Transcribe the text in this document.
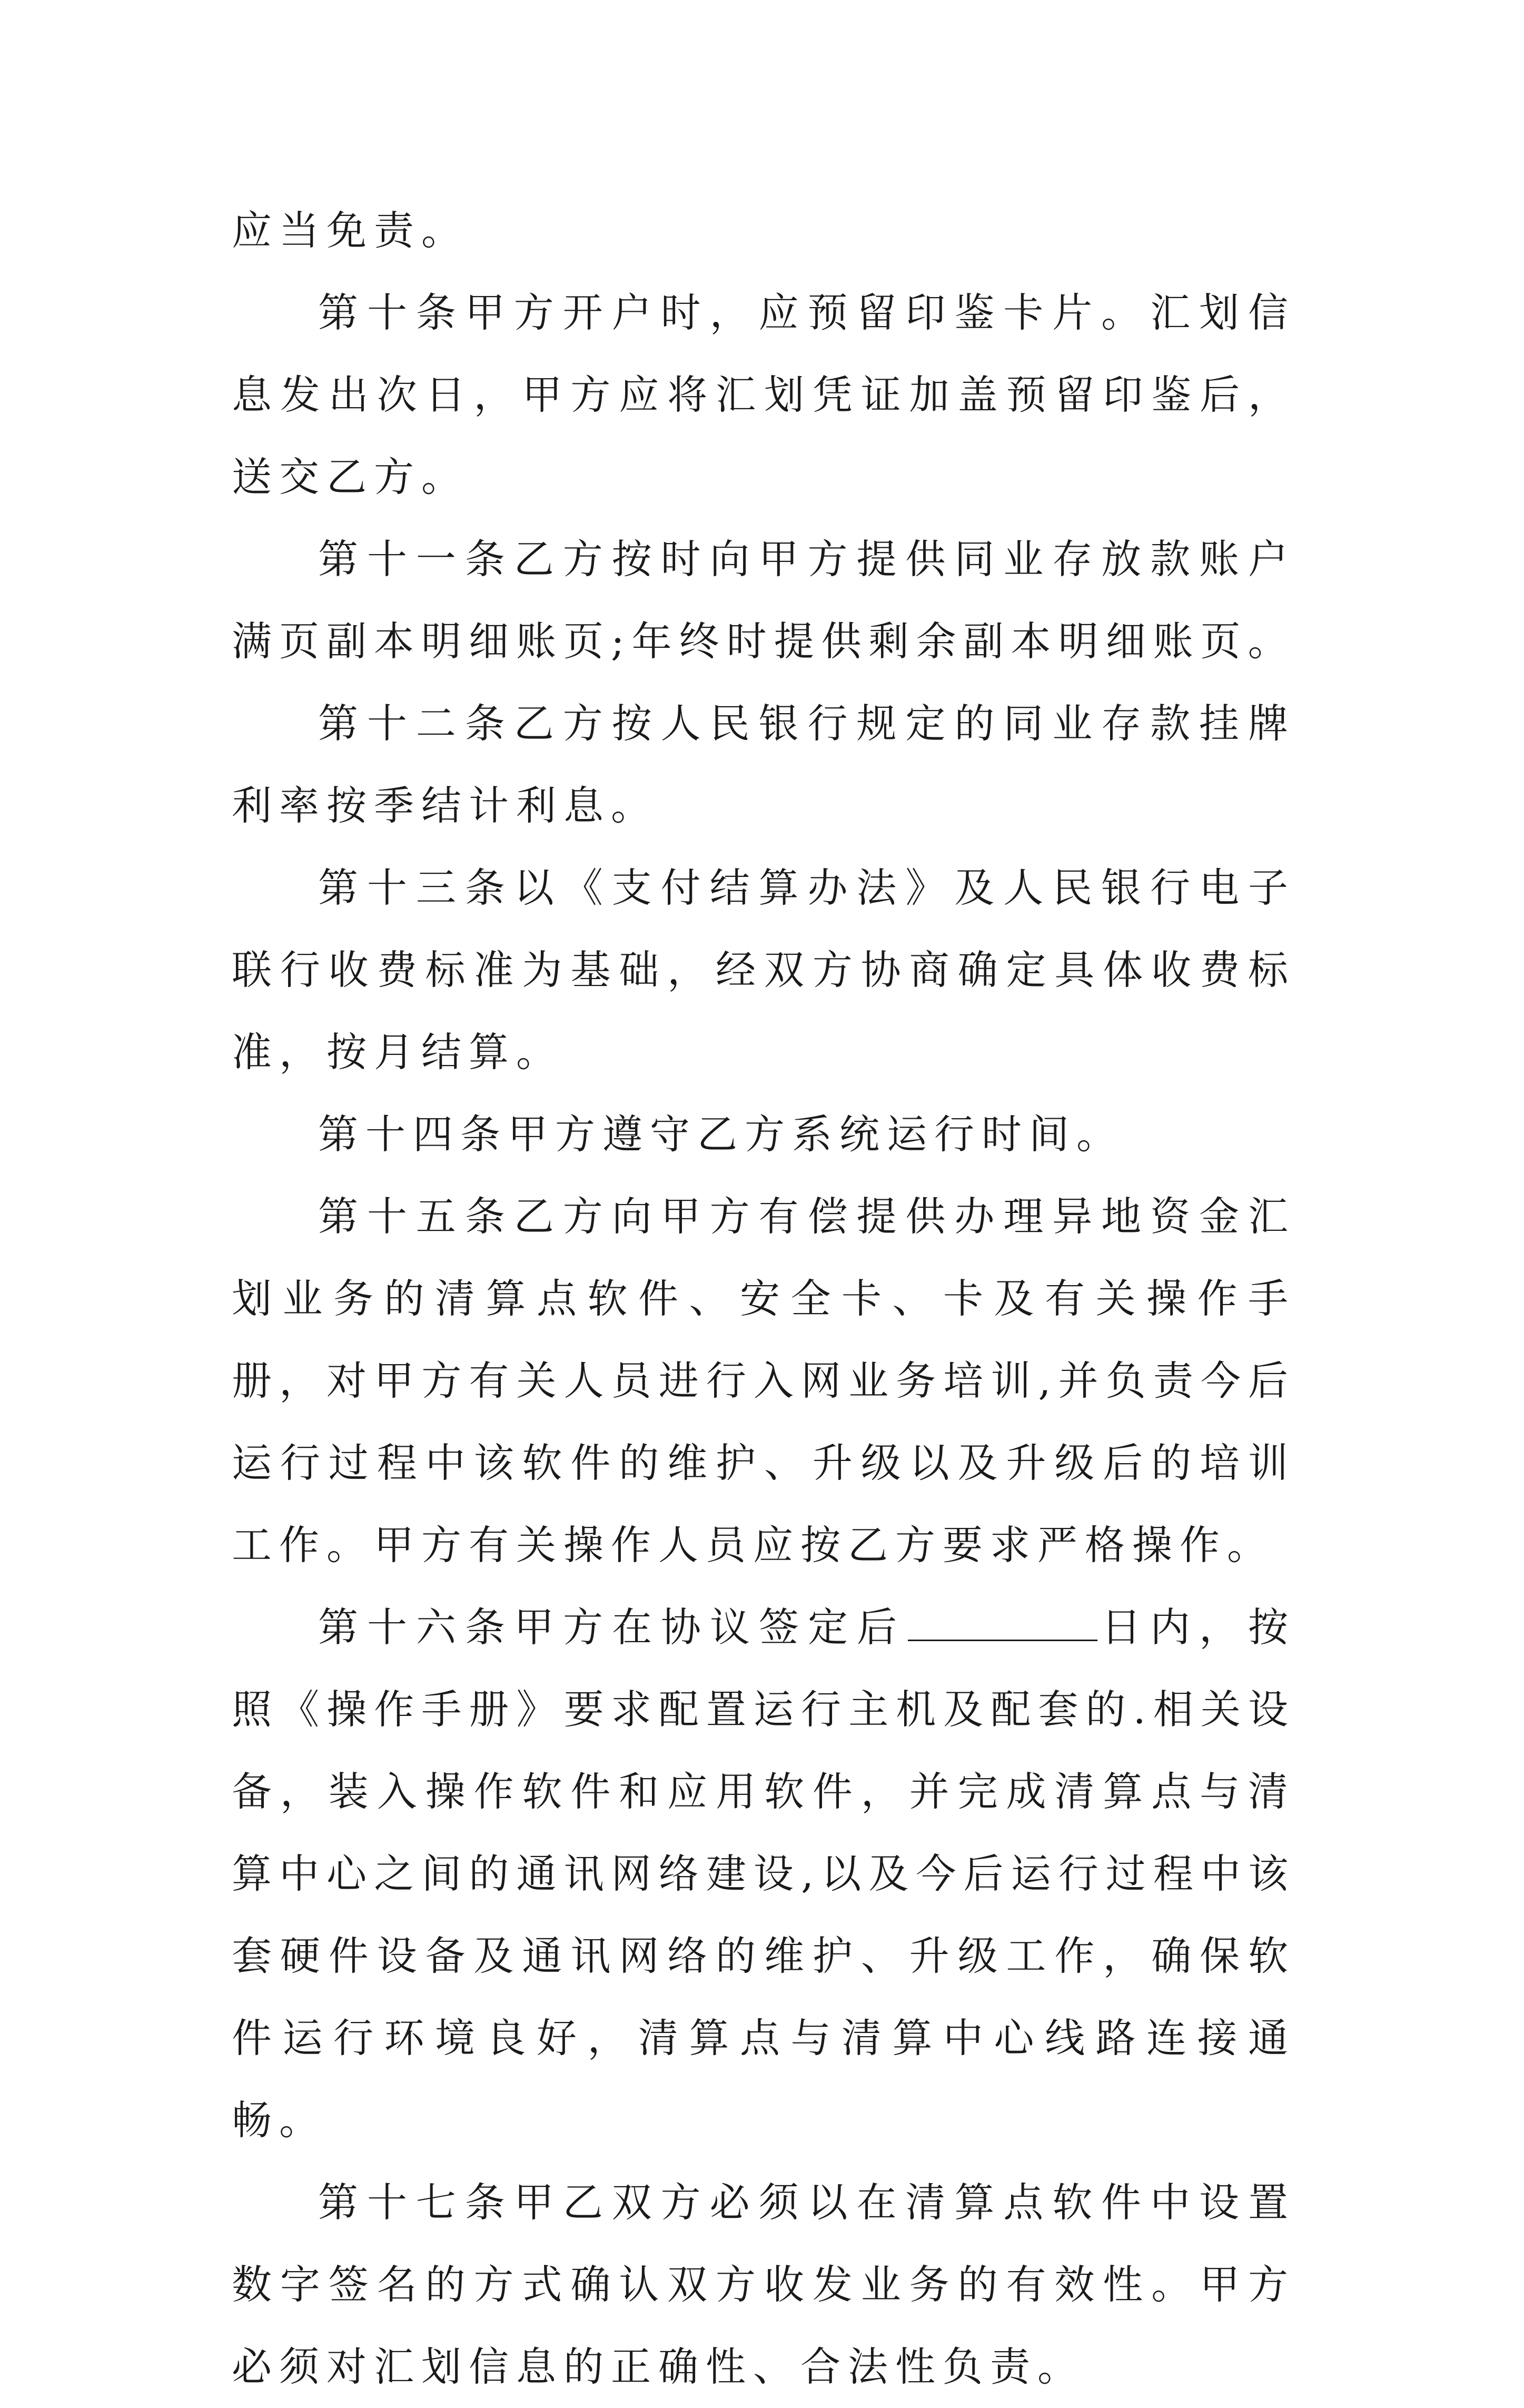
应当免责。

第十条甲方开户时，应预留印鉴卡片。汇划信息发出次日，甲方应将汇划凭证加盖预留印鉴后，送交乙方。

第十一条乙方按时向甲方提供同业存放款账户满页副本明细账页;年终时提供剩余副本明细账页。

第十二条乙方按人民银行规定的同业存款挂牌利率按季结计利息。

第十三条以《支付结算办法》及人民银行电子联行收费标准为基础，经双方协商确定具体收费标准，按月结算。

第十四条甲方遵守乙方系统运行时间。

第十五条乙方向甲方有偿提供办理异地资金汇划业务的清算点软件、安全卡、卡及有关操作手册，对甲方有关人员进行入网业务培训,并负责今后运行过程中该软件的维护、升级以及升级后的培训工作。甲方有关操作人员应按乙方要求严格操作。

第十六条甲方在协议签定后	日内，按照《操作手册》要求配置运行主机及配套的.相关设备，装入操作软件和应用软件，并完成清算点与清算中心之间的通讯网络建设,以及今后运行过程中该套硬件设备及通讯网络的维护、升级工作，确保软件运行环境良好，清算点与清算中心线路连接通畅。

第十七条甲乙双方必须以在清算点软件中设置数字签名的方式确认双方收发业务的有效性。甲方必须对汇划信息的正确性、合法性负责。
